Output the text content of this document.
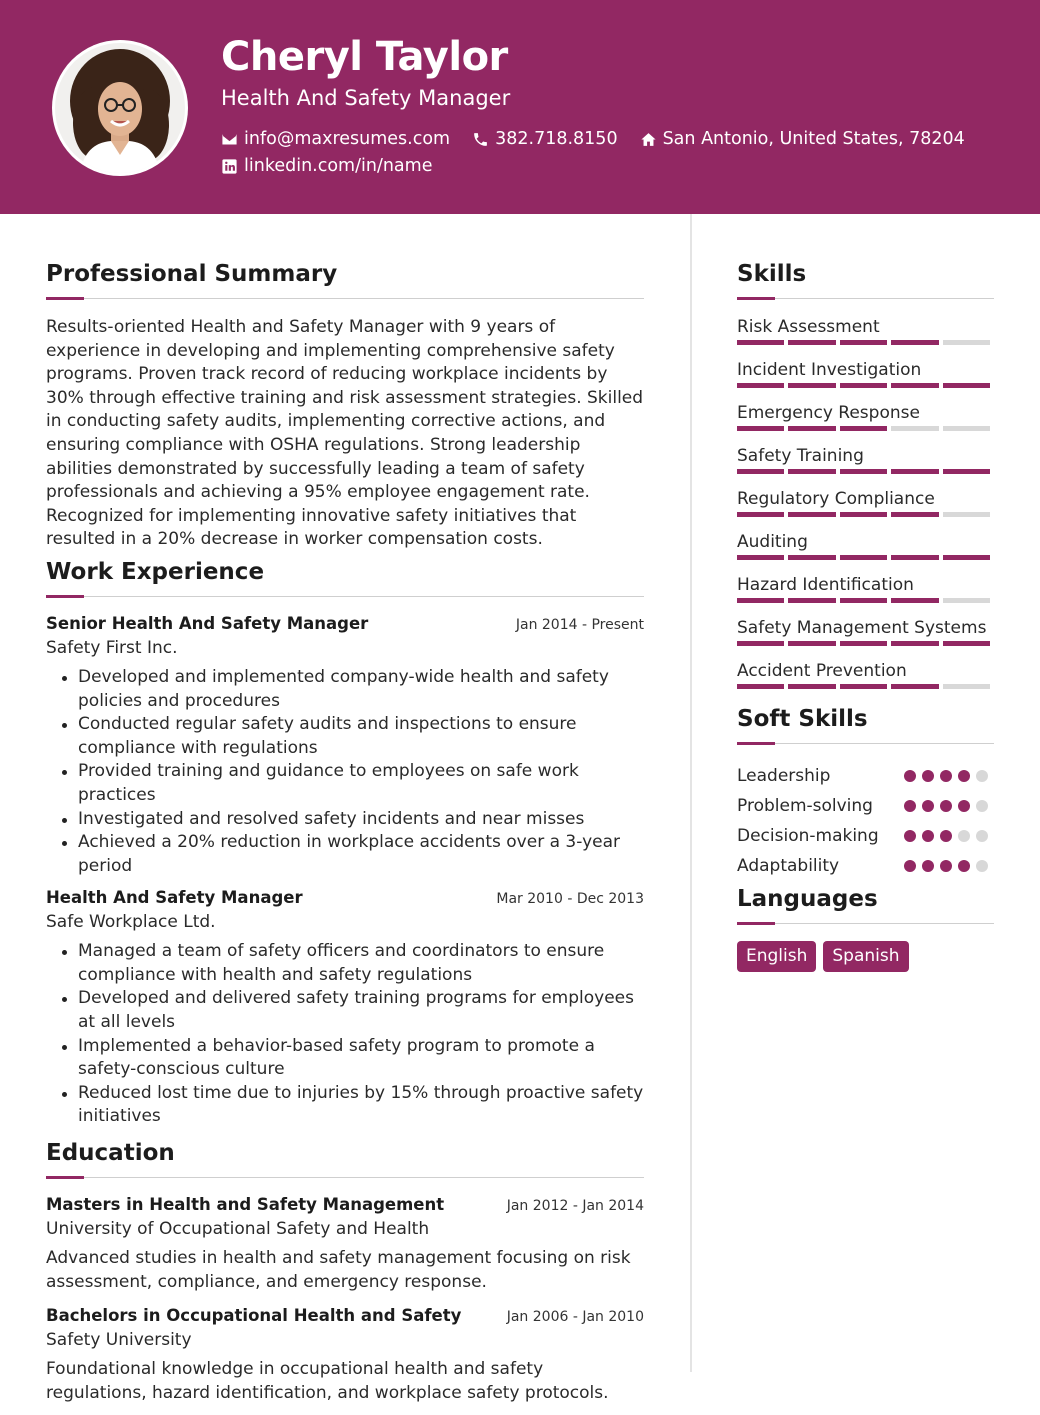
Cheryl Taylor
Health And Safety Manager
info@maxresumes.com	382.718.8150	San Antonio, United States, 78204
linkedin.com/in/name
Professional Summary
Results-oriented Health and Safety Manager with 9 years of experience in developing and implementing comprehensive safety programs. Proven track record of reducing workplace incidents by 30% through effective training and risk assessment strategies. Skilled in conducting safety audits, implementing corrective actions, and ensuring compliance with OSHA regulations. Strong leadership abilities demonstrated by successfully leading a team of safety professionals and achieving a 95% employee engagement rate. Recognized for implementing innovative safety initiatives that resulted in a 20% decrease in worker compensation costs.
Work Experience
Senior Health And Safety Manager	Jan 2014 - Present
Safety First Inc.
Developed and implemented company-wide health and safety policies and procedures
Conducted regular safety audits and inspections to ensure compliance with regulations
Provided training and guidance to employees on safe work practices
Investigated and resolved safety incidents and near misses
Achieved a 20% reduction in workplace accidents over a 3-year period
Health And Safety Manager	Mar 2010 - Dec 2013
Safe Workplace Ltd.
Managed a team of safety officers and coordinators to ensure compliance with health and safety regulations
Developed and delivered safety training programs for employees at all levels
Implemented a behavior-based safety program to promote a safety-conscious culture
Reduced lost time due to injuries by 15% through proactive safety initiatives
Education
Masters in Health and Safety Management	Jan 2012 - Jan 2014
University of Occupational Safety and Health
Advanced studies in health and safety management focusing on risk assessment, compliance, and emergency response.
Bachelors in Occupational Health and Safety	Jan 2006 - Jan 2010
Safety University
Foundational knowledge in occupational health and safety regulations, hazard identification, and workplace safety protocols.
Skills
Risk Assessment
Incident Investigation
Emergency Response
Safety Training
Regulatory Compliance
Auditing
Hazard Identification
Safety Management Systems
Accident Prevention
Soft Skills
Leadership
Problem-solving
Decision-making
Adaptability
Languages
English	Spanish
